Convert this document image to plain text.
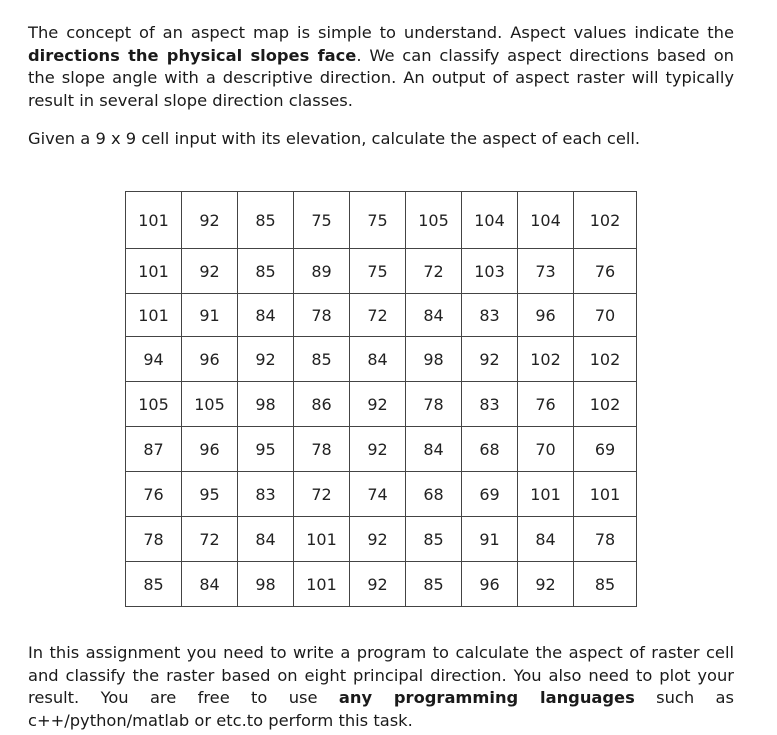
The concept of an aspect map is simple to understand. Aspect values indicate the directions the physical slopes face. We can classify aspect directions based on the slope angle with a descriptive direction. An output of aspect raster will typically result in several slope direction classes.

Given a 9 x 9 cell input with its elevation, calculate the aspect of each cell.

101	92	85	75	75	105	104	104	102
101	92	85	89	75	72	103	73	76
101	91	84	78	72	84	83	96	70
94	96	92	85	84	98	92	102	102
105	105	98	86	92	78	83	76	102
87	96	95	78	92	84	68	70	69
76	95	83	72	74	68	69	101	101
78	72	84	101	92	85	91	84	78
85	84	98	101	92	85	96	92	85

In this assignment you need to write a program to calculate the aspect of raster cell and classify the raster based on eight principal direction. You also need to plot your result. You are free to use any programming languages such as c++/python/matlab or etc.to perform this task.
